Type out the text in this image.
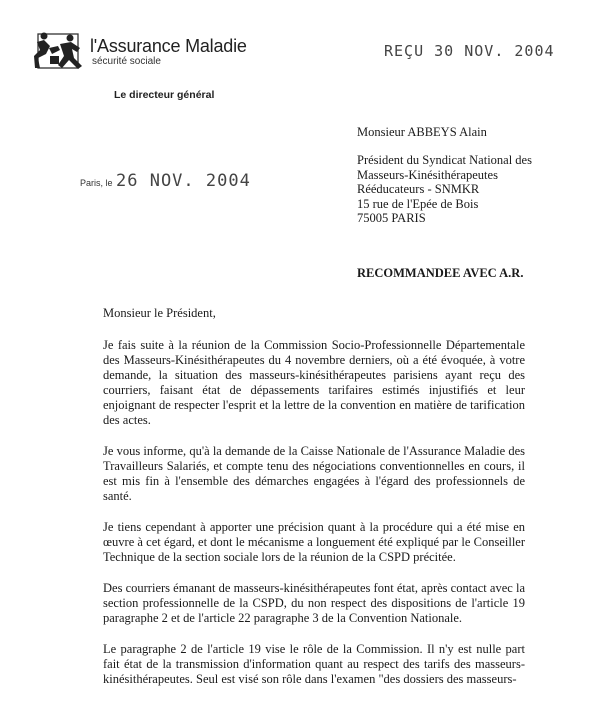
l'Assurance Maladie
sécurité sociale
REÇU 30 NOV. 2004
Le directeur général
Paris, le 26 NOV. 2004
Monsieur ABBEYS Alain
Président du Syndicat National des
Masseurs-Kinésithérapeutes
Rééducateurs - SNMKR
15 rue de l'Epée de Bois
75005 PARIS
RECOMMANDEE AVEC A.R.
Monsieur le Président,

Je fais suite à la réunion de la Commission Socio-Professionnelle Départementale des Masseurs-Kinésithérapeutes du 4 novembre derniers, où a été évoquée, à votre demande, la situation des masseurs-kinésithérapeutes parisiens ayant reçu des courriers, faisant état de dépassements tarifaires estimés injustifiés et leur enjoignant de respecter l'esprit et la lettre de la convention en matière de tarification des actes.

Je vous informe, qu'à la demande de la Caisse Nationale de l'Assurance Maladie des Travailleurs Salariés, et compte tenu des négociations conventionnelles en cours, il est mis fin à l'ensemble des démarches engagées à l'égard des professionnels de santé.

Je tiens cependant à apporter une précision quant à la procédure qui a été mise en œuvre à cet égard, et dont le mécanisme a longuement été expliqué par le Conseiller Technique de la section sociale lors de la réunion de la CSPD précitée.

Des courriers émanant de masseurs-kinésithérapeutes font état, après contact avec la section professionnelle de la CSPD, du non respect des dispositions de l'article 19 paragraphe 2 et de l'article 22 paragraphe 3 de la Convention Nationale.

Le paragraphe 2 de l'article 19 vise le rôle de la Commission. Il n'y est nulle part fait état de la transmission d'information quant au respect des tarifs des masseurs-kinésithérapeutes. Seul est visé son rôle dans l'examen "des dossiers des masseurs-
